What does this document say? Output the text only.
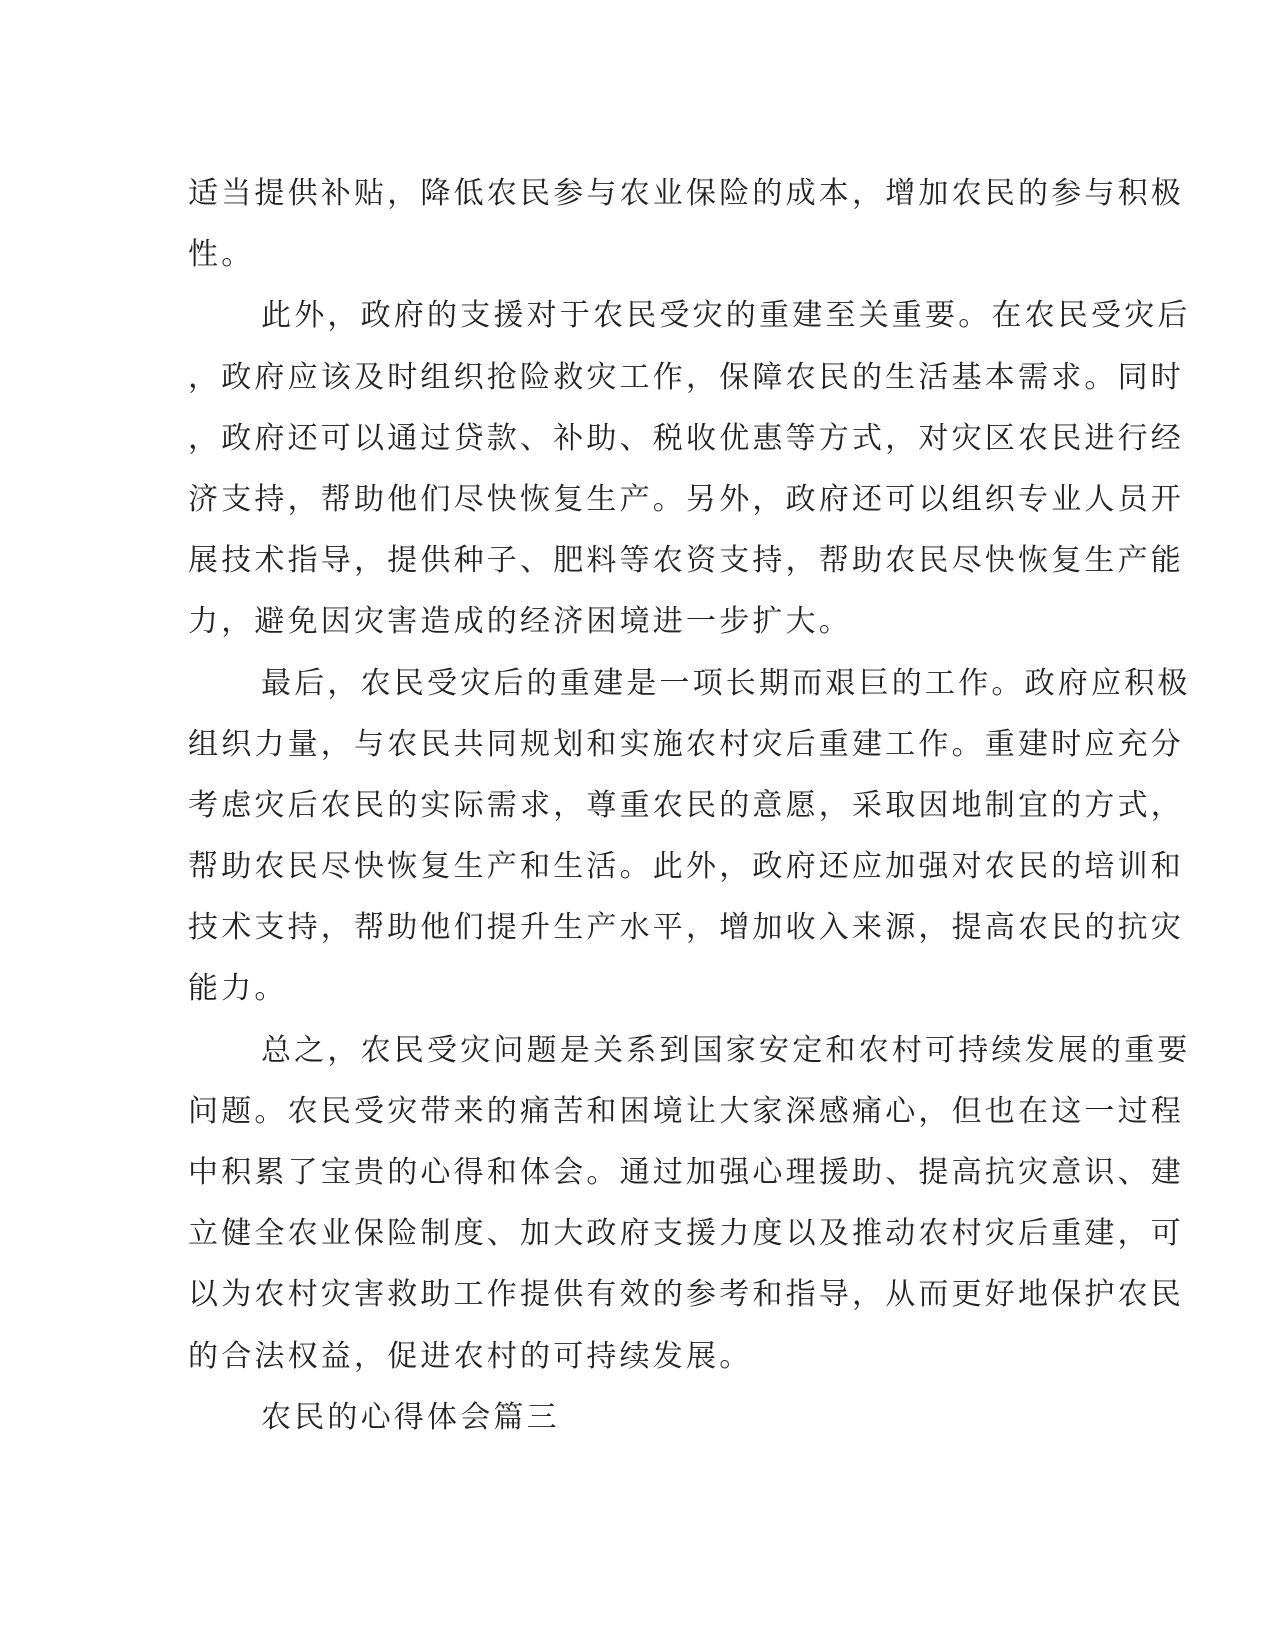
适当提供补贴，降低农民参与农业保险的成本，增加农民的参与积极
性。
此外，政府的支援对于农民受灾的重建至关重要。在农民受灾后
，政府应该及时组织抢险救灾工作，保障农民的生活基本需求。同时
，政府还可以通过贷款、补助、税收优惠等方式，对灾区农民进行经
济支持，帮助他们尽快恢复生产。另外，政府还可以组织专业人员开
展技术指导，提供种子、肥料等农资支持，帮助农民尽快恢复生产能
力，避免因灾害造成的经济困境进一步扩大。
最后，农民受灾后的重建是一项长期而艰巨的工作。政府应积极
组织力量，与农民共同规划和实施农村灾后重建工作。重建时应充分
考虑灾后农民的实际需求，尊重农民的意愿，采取因地制宜的方式，
帮助农民尽快恢复生产和生活。此外，政府还应加强对农民的培训和
技术支持，帮助他们提升生产水平，增加收入来源，提高农民的抗灾
能力。
总之，农民受灾问题是关系到国家安定和农村可持续发展的重要
问题。农民受灾带来的痛苦和困境让大家深感痛心，但也在这一过程
中积累了宝贵的心得和体会。通过加强心理援助、提高抗灾意识、建
立健全农业保险制度、加大政府支援力度以及推动农村灾后重建，可
以为农村灾害救助工作提供有效的参考和指导，从而更好地保护农民
的合法权益，促进农村的可持续发展。
农民的心得体会篇三
